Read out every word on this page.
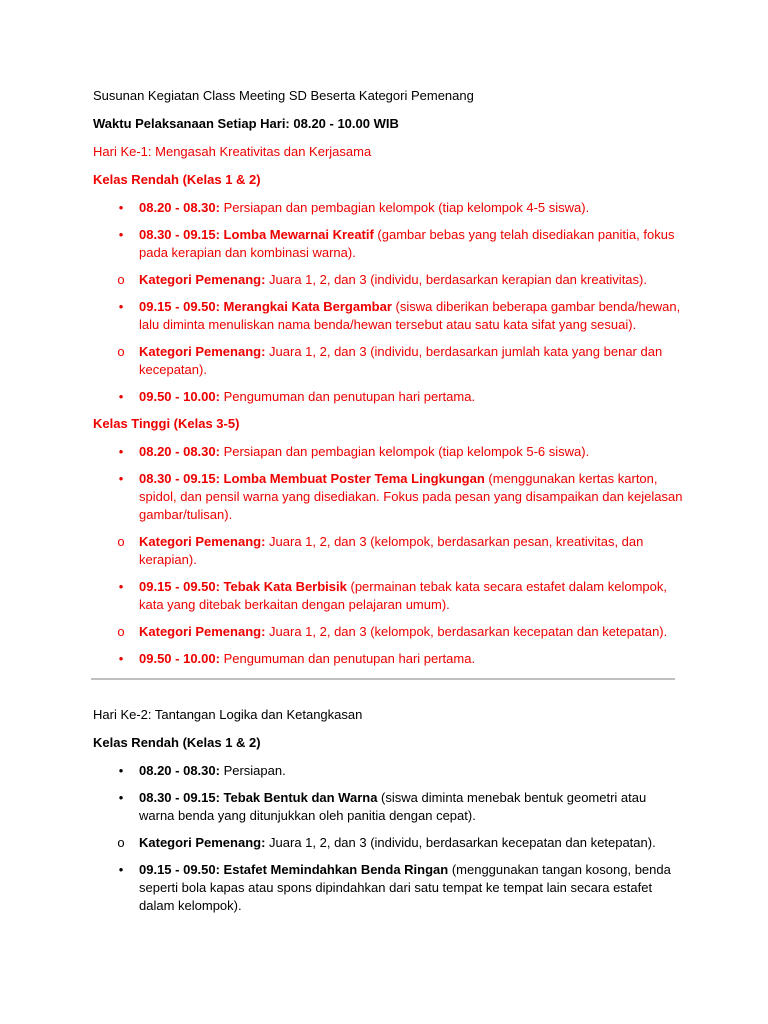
Susunan Kegiatan Class Meeting SD Beserta Kategori Pemenang
Waktu Pelaksanaan Setiap Hari: 08.20 - 10.00 WIB
Hari Ke-1: Mengasah Kreativitas dan Kerjasama
Kelas Rendah (Kelas 1 & 2)
•	08.20 - 08.30: Persiapan dan pembagian kelompok (tiap kelompok 4-5 siswa).
•	08.30 - 09.15: Lomba Mewarnai Kreatif (gambar bebas yang telah disediakan panitia, fokus pada kerapian dan kombinasi warna).
o Kategori Pemenang: Juara 1, 2, dan 3 (individu, berdasarkan kerapian dan kreativitas).
•	09.15 - 09.50: Merangkai Kata Bergambar (siswa diberikan beberapa gambar benda/hewan, lalu diminta menuliskan nama benda/hewan tersebut atau satu kata sifat yang sesuai).
o Kategori Pemenang: Juara 1, 2, dan 3 (individu, berdasarkan jumlah kata yang benar dan kecepatan).
•	09.50 - 10.00: Pengumuman dan penutupan hari pertama.
Kelas Tinggi (Kelas 3-5)
•	08.20 - 08.30: Persiapan dan pembagian kelompok (tiap kelompok 5-6 siswa).
•	08.30 - 09.15: Lomba Membuat Poster Tema Lingkungan (menggunakan kertas karton, spidol, dan pensil warna yang disediakan. Fokus pada pesan yang disampaikan dan kejelasan gambar/tulisan).
o Kategori Pemenang: Juara 1, 2, dan 3 (kelompok, berdasarkan pesan, kreativitas, dan kerapian).
•	09.15 - 09.50: Tebak Kata Berbisik (permainan tebak kata secara estafet dalam kelompok, kata yang ditebak berkaitan dengan pelajaran umum).
o Kategori Pemenang: Juara 1, 2, dan 3 (kelompok, berdasarkan kecepatan dan ketepatan).
•	09.50 - 10.00: Pengumuman dan penutupan hari pertama.
Hari Ke-2: Tantangan Logika dan Ketangkasan
Kelas Rendah (Kelas 1 & 2)
•	08.20 - 08.30: Persiapan.
•	08.30 - 09.15: Tebak Bentuk dan Warna (siswa diminta menebak bentuk geometri atau warna benda yang ditunjukkan oleh panitia dengan cepat).
o Kategori Pemenang: Juara 1, 2, dan 3 (individu, berdasarkan kecepatan dan ketepatan).
•	09.15 - 09.50: Estafet Memindahkan Benda Ringan (menggunakan tangan kosong, benda seperti bola kapas atau spons dipindahkan dari satu tempat ke tempat lain secara estafet dalam kelompok).
